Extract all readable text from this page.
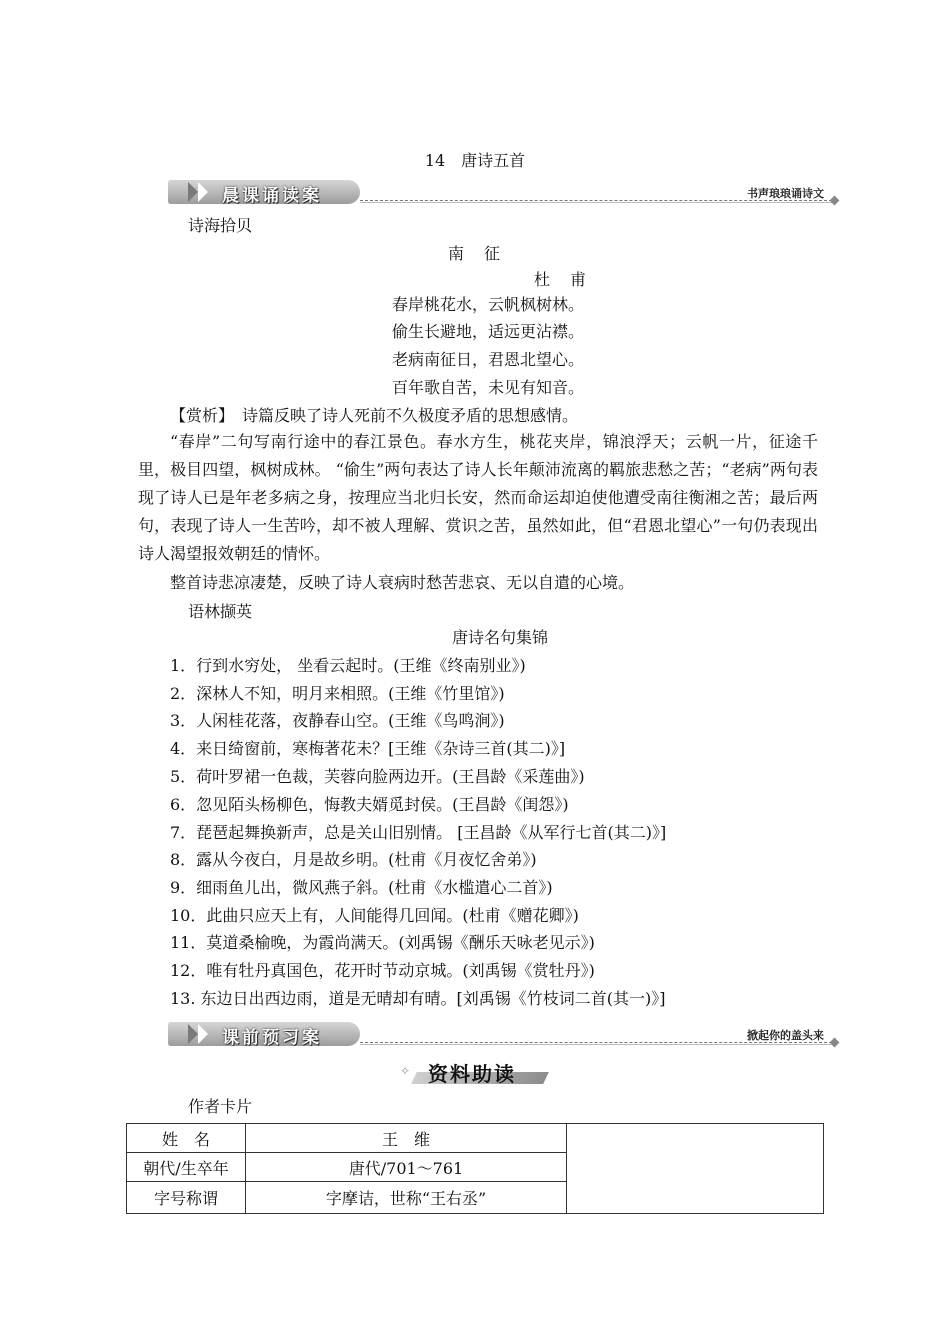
14　唐诗五首
晨课诵读案	书声琅琅诵诗文
诗海拾贝
南　征
杜　甫
春岸桃花水，云帆枫树林。
偷生长避地，适远更沾襟。
老病南征日，君恩北望心。
百年歌自苦，未见有知音。
【赏析】　 诗篇反映了诗人死前不久极度矛盾的思想感情。
“春岸”二句写南行途中的春江景色。春水方生，桃花夹岸，锦浪浮天；云帆一片，征途千里，极目四望，枫树成林。 “偷生”两句表达了诗人长年颠沛流离的羁旅悲愁之苦；“老病”两句表现了诗人已是年老多病之身，按理应当北归长安，然而命运却迫使他遭受南往衡湘之苦；最后两句，表现了诗人一生苦吟，却不被人理解、赏识之苦，虽然如此，但“君恩北望心”一句仍表现出诗人渴望报效朝廷的情怀。
整首诗悲凉凄楚，反映了诗人衰病时愁苦悲哀、无以自遣的心境。
语林撷英
唐诗名句集锦
1．行到水穷处， 坐看云起时。(王维《终南别业》)
2．深林人不知，明月来相照。(王维《竹里馆》)
3．人闲桂花落，夜静春山空。(王维《鸟鸣涧》)
4．来日绮窗前，寒梅著花未？[王维《杂诗三首(其二)》]
5．荷叶罗裙一色裁，芙蓉向脸两边开。(王昌龄《采莲曲》)
6．忽见陌头杨柳色，悔教夫婿觅封侯。(王昌龄《闺怨》)
7．琵琶起舞换新声，总是关山旧别情。 [王昌龄《从军行七首(其二)》]
8．露从今夜白，月是故乡明。(杜甫《月夜忆舍弟》)
9．细雨鱼儿出，微风燕子斜。(杜甫《水槛遣心二首》)
10．此曲只应天上有，人间能得几回闻。(杜甫《赠花卿》)
11．莫道桑榆晚，为霞尚满天。(刘禹锡《酬乐天咏老见示》)
12．唯有牡丹真国色，花开时节动京城。(刘禹锡《赏牡丹》)
13. 东边日出西边雨，道是无晴却有晴。[刘禹锡《竹枝词二首(其一)》]
课前预习案	掀起你的盖头来
✧ 资料助读
作者卡片
姓　名	王　维	
朝代/生卒年	唐代/701～761	
字号称谓	字摩诘，世称“王右丞”	
